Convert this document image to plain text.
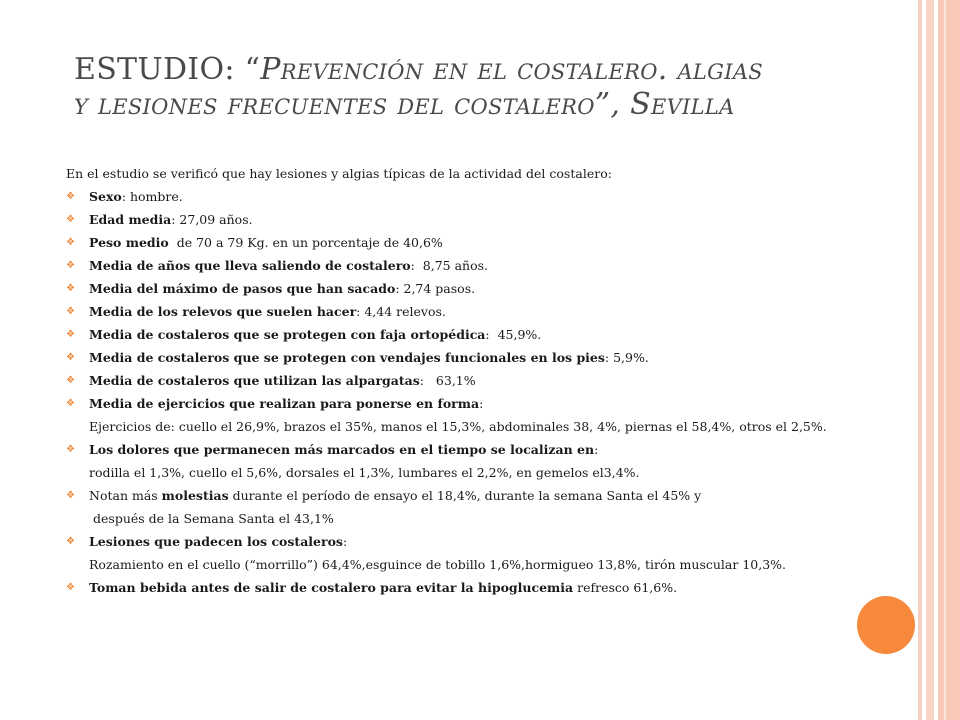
ESTUDIO: “Prevención en el costalero. algias
y lesiones frecuentes del costalero”, Sevilla
En el estudio se verificó que hay lesiones y algias típicas de la actividad del costalero:
❖ Sexo: hombre.
❖ Edad media: 27,09 años.
❖ Peso medio  de 70 a 79 Kg. en un porcentaje de 40,6%
❖ Media de años que lleva saliendo de costalero:  8,75 años.
❖ Media del máximo de pasos que han sacado: 2,74 pasos.
❖ Media de los relevos que suelen hacer: 4,44 relevos.
❖ Media de costaleros que se protegen con faja ortopédica:  45,9%.
❖ Media de costaleros que se protegen con vendajes funcionales en los pies: 5,9%.
❖ Media de costaleros que utilizan las alpargatas:   63,1%
❖ Media de ejercicios que realizan para ponerse en forma:
Ejercicios de: cuello el 26,9%, brazos el 35%, manos el 15,3%, abdominales 38, 4%, piernas el 58,4%, otros el 2,5%.
❖ Los dolores que permanecen más marcados en el tiempo se localizan en:
rodilla el 1,3%, cuello el 5,6%, dorsales el 1,3%, lumbares el 2,2%, en gemelos el3,4%.
❖ Notan más molestias durante el período de ensayo el 18,4%, durante la semana Santa el 45% y
después de la Semana Santa el 43,1%
❖ Lesiones que padecen los costaleros:
Rozamiento en el cuello (“morrillo”) 64,4%,esguince de tobillo 1,6%,hormigueo 13,8%, tirón muscular 10,3%.
❖ Toman bebida antes de salir de costalero para evitar la hipoglucemia refresco 61,6%.
